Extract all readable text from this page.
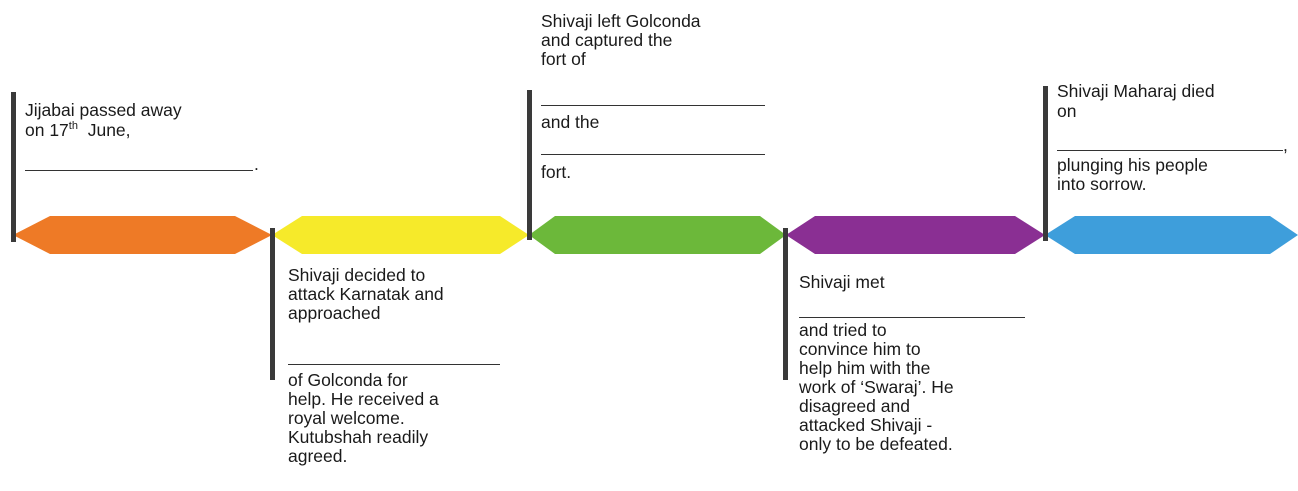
Jijabai passed away
on 17th  June,
.
Shivaji decided to
attack Karnatak and
approached
of Golconda for
help. He received a
royal welcome.
Kutubshah readily
agreed.
Shivaji left Golconda
and captured the
fort of
and the
fort.
Shivaji met
and tried to
convince him to
help him with the
work of ‘Swaraj’. He
disagreed and
attacked Shivaji -
only to be defeated.
Shivaji Maharaj died
on
,
plunging his people
into sorrow.
